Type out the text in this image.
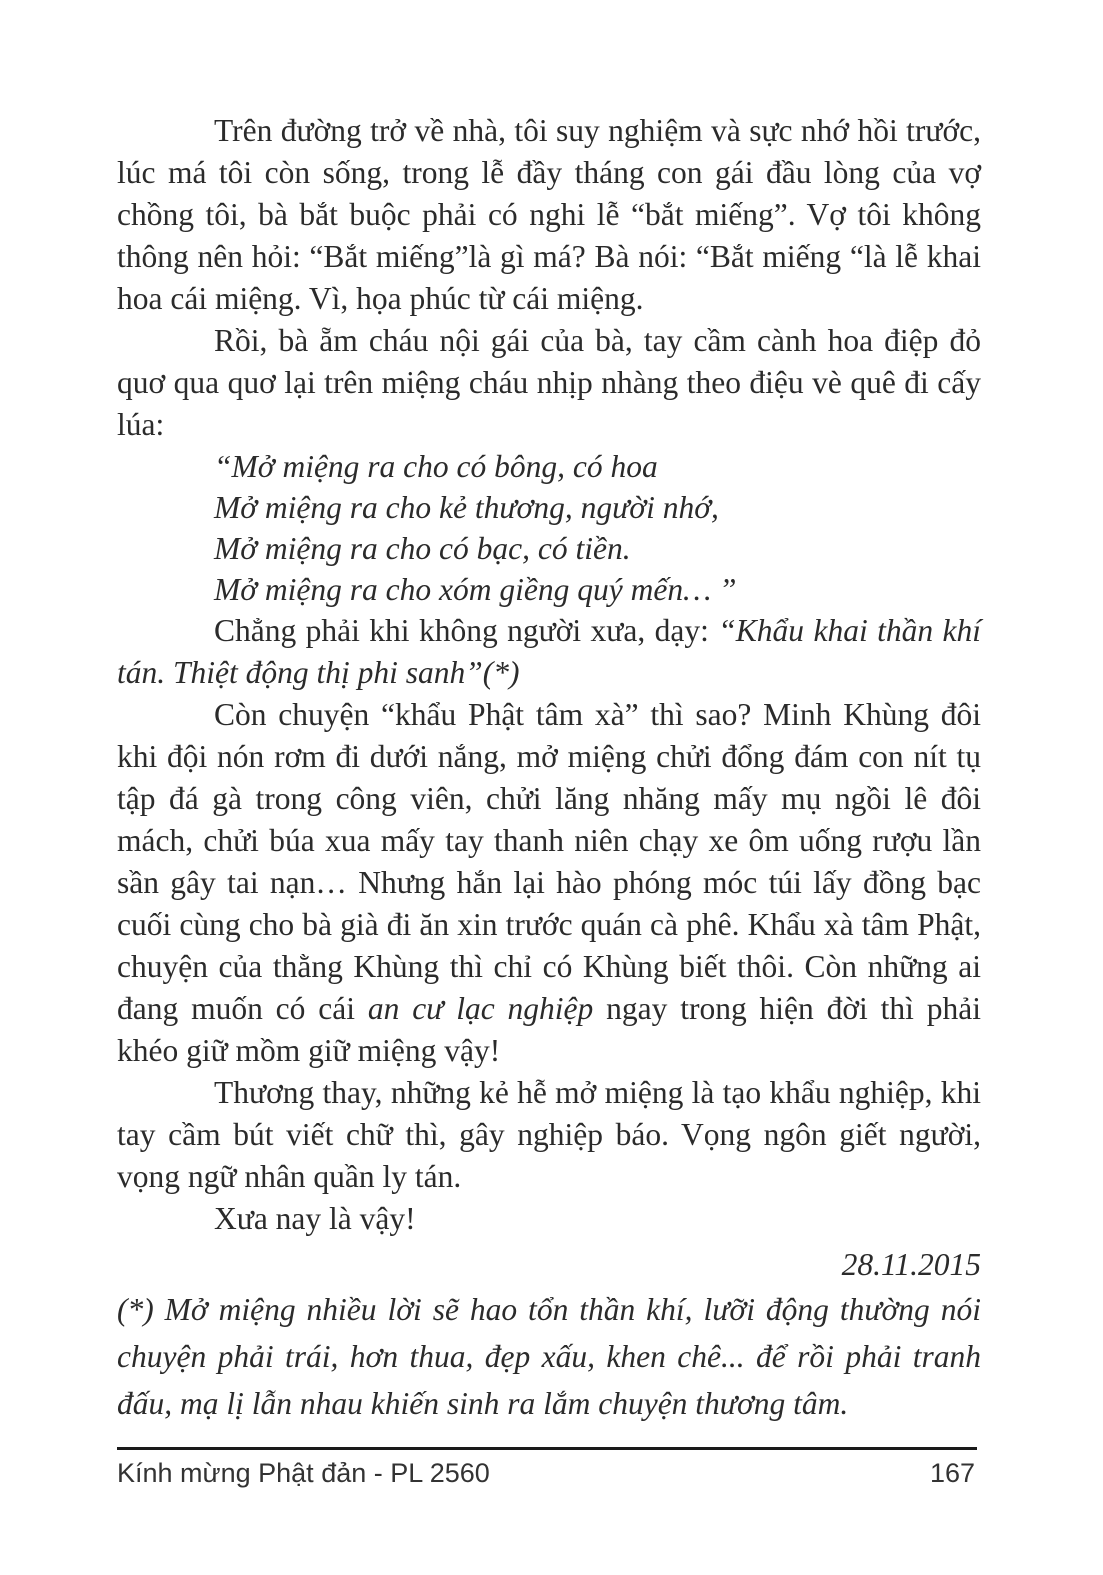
Trên đường trở về nhà, tôi suy nghiệm và sực nhớ hồi trước, lúc má tôi còn sống, trong lễ đầy tháng con gái đầu lòng của vợ chồng tôi, bà bắt buộc phải có nghi lễ “bắt miếng”. Vợ tôi không thông nên hỏi: “Bắt miếng”là gì má? Bà nói: “Bắt miếng “là lễ khai hoa cái miệng. Vì, họa phúc từ cái miệng.

Rồi, bà ẵm cháu nội gái của bà, tay cầm cành hoa điệp đỏ quơ qua quơ lại trên miệng cháu nhịp nhàng theo điệu vè quê đi cấy lúa:

“Mở miệng ra cho có bông, có hoa
Mở miệng ra cho kẻ thương, người nhớ,
Mở miệng ra cho có bạc, có tiền.
Mở miệng ra cho xóm giềng quý mến… ”

Chẳng phải khi không người xưa, dạy: “Khẩu khai thần khí tán. Thiệt động thị phi sanh”(*)

Còn chuyện “khẩu Phật tâm xà” thì sao? Minh Khùng đôi khi đội nón rơm đi dưới nắng, mở miệng chửi đổng đám con nít tụ tập đá gà trong công viên, chửi lăng nhăng mấy mụ ngồi lê đôi mách, chửi búa xua mấy tay thanh niên chạy xe ôm uống rượu lần sần gây tai nạn… Nhưng hắn lại hào phóng móc túi lấy đồng bạc cuối cùng cho bà già đi ăn xin trước quán cà phê. Khẩu xà tâm Phật, chuyện của thằng Khùng thì chỉ có Khùng biết thôi. Còn những ai đang muốn có cái an cư lạc nghiệp ngay trong hiện đời thì phải khéo giữ mồm giữ miệng vậy!

Thương thay, những kẻ hễ mở miệng là tạo khẩu nghiệp, khi tay cầm bút viết chữ thì, gây nghiệp báo. Vọng ngôn giết người, vọng ngữ nhân quần ly tán.

Xưa nay là vậy!

28.11.2015
(*) Mở miệng nhiều lời sẽ hao tổn thần khí, lưỡi động thường nói chuyện phải trái, hơn thua, đẹp xấu, khen chê... để rồi phải tranh đấu, mạ lị lẫn nhau khiến sinh ra lắm chuyện thương tâm.
Kính mừng Phật đản - PL 2560	167
